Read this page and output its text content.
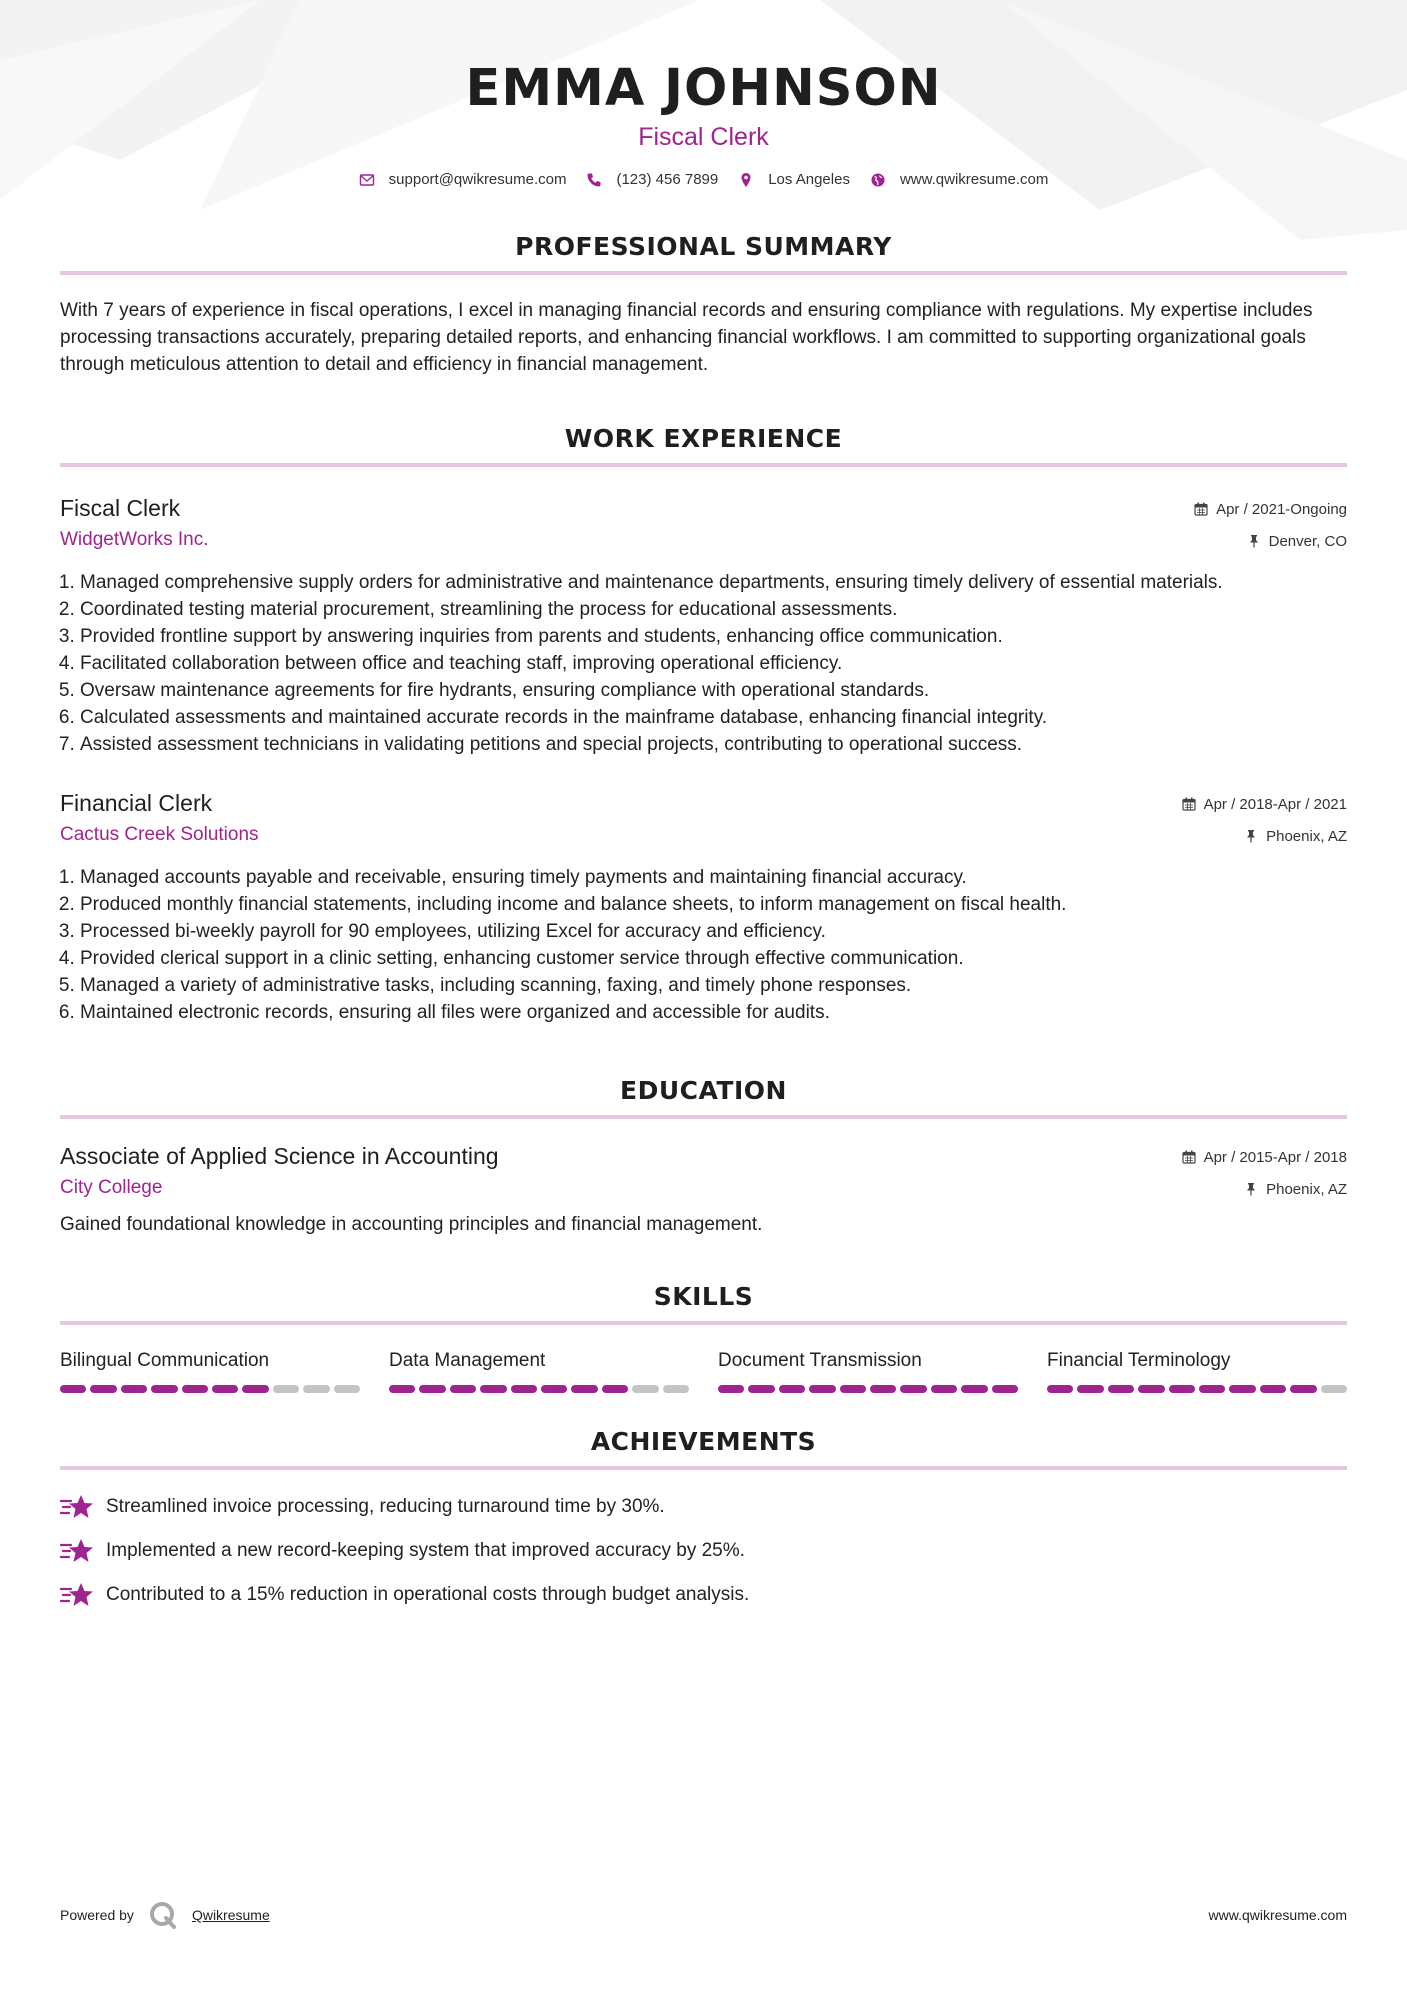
EMMA JOHNSON
Fiscal Clerk
support@qwikresume.com	(123) 456 7899	Los Angeles	www.qwikresume.com
PROFESSIONAL SUMMARY

With 7 years of experience in fiscal operations, I excel in managing financial records and ensuring compliance with regulations. My expertise includes processing transactions accurately, preparing detailed reports, and enhancing financial workflows. I am committed to supporting organizational goals through meticulous attention to detail and efficiency in financial management.

WORK EXPERIENCE
Fiscal Clerk
WidgetWorks Inc.
Apr / 2021-Ongoing
Denver, CO
1. Managed comprehensive supply orders for administrative and maintenance departments, ensuring timely delivery of essential materials.
2. Coordinated testing material procurement, streamlining the process for educational assessments.
3. Provided frontline support by answering inquiries from parents and students, enhancing office communication.
4. Facilitated collaboration between office and teaching staff, improving operational efficiency.
5. Oversaw maintenance agreements for fire hydrants, ensuring compliance with operational standards.
6. Calculated assessments and maintained accurate records in the mainframe database, enhancing financial integrity.
7. Assisted assessment technicians in validating petitions and special projects, contributing to operational success.
Financial Clerk
Cactus Creek Solutions
Apr / 2018-Apr / 2021
Phoenix, AZ
1. Managed accounts payable and receivable, ensuring timely payments and maintaining financial accuracy.
2. Produced monthly financial statements, including income and balance sheets, to inform management on fiscal health.
3. Processed bi-weekly payroll for 90 employees, utilizing Excel for accuracy and efficiency.
4. Provided clerical support in a clinic setting, enhancing customer service through effective communication.
5. Managed a variety of administrative tasks, including scanning, faxing, and timely phone responses.
6. Maintained electronic records, ensuring all files were organized and accessible for audits.
EDUCATION
Associate of Applied Science in Accounting
City College
Apr / 2015-Apr / 2018
Phoenix, AZ

Gained foundational knowledge in accounting principles and financial management.

SKILLS
Bilingual Communication	Data Management	Document Transmission	Financial Terminology
ACHIEVEMENTS
Streamlined invoice processing, reducing turnaround time by 30%.
Implemented a new record-keeping system that improved accuracy by 25%.
Contributed to a 15% reduction in operational costs through budget analysis.
Powered by	Qwikresume	www.qwikresume.com
